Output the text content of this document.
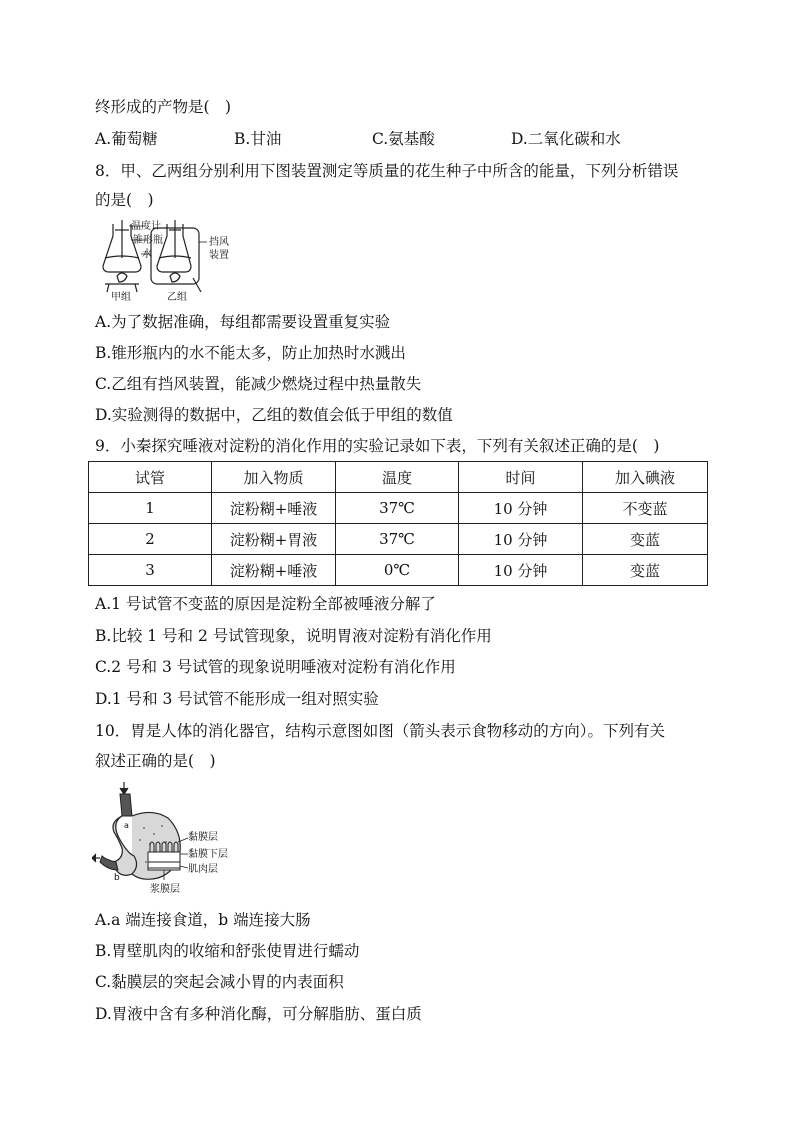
终形成的产物是(　)
A.葡萄糖	B.甘油	C.氨基酸	D.二氧化碳和水
8．甲、乙两组分别利用下图装置测定等质量的花生种子中所含的能量，下列分析错误
的是(　)
温度计
锥形瓶
水
挡风
装置
甲组	乙组
A.为了数据准确，每组都需要设置重复实验
B.锥形瓶内的水不能太多，防止加热时水溅出
C.乙组有挡风装置，能减少燃烧过程中热量散失
D.实验测得的数据中，乙组的数值会低于甲组的数值
9．小秦探究唾液对淀粉的消化作用的实验记录如下表，下列有关叙述正确的是(　)
试管	加入物质	温度	时间	加入碘液
1	淀粉糊+唾液	37℃	10 分钟	不变蓝
2	淀粉糊+胃液	37℃	10 分钟	变蓝
3	淀粉糊+唾液	0℃	10 分钟	变蓝
A.1 号试管不变蓝的原因是淀粉全部被唾液分解了
B.比较 1 号和 2 号试管现象，说明胃液对淀粉有消化作用
C.2 号和 3 号试管的现象说明唾液对淀粉有消化作用
D.1 号和 3 号试管不能形成一组对照实验
10．胃是人体的消化器官，结构示意图如图（箭头表示食物移动的方向）。下列有关
叙述正确的是(　)
a
b
黏膜层
黏膜下层
肌肉层
浆膜层
A.a 端连接食道，b 端连接大肠
B.胃壁肌肉的收缩和舒张使胃进行蠕动
C.黏膜层的突起会减小胃的内表面积
D.胃液中含有多种消化酶，可分解脂肪、蛋白质
